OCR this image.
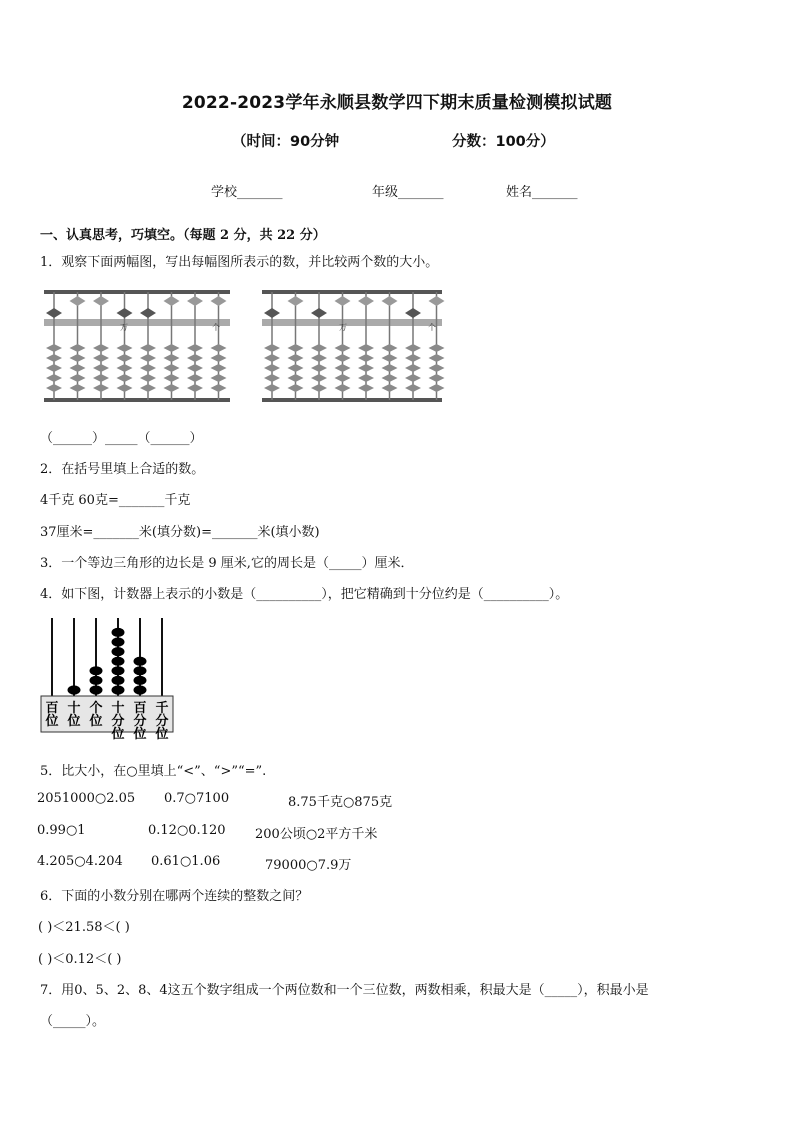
2022-2023学年永顺县数学四下期末质量检测模拟试题
（时间：90分钟	分数：100分）
学校_______	年级_______	姓名_______
一、认真思考，巧填空。（每题 2 分，共 22 分）
1．观察下面两幅图，写出每幅图所表示的数，并比较两个数的大小。
万	个	万	个
（______）_____（______）
2．在括号里填上合适的数。
4千克 60克=_______千克
37厘米=_______米(填分数)=_______米(填小数)
3．一个等边三角形的边长是 9 厘米,它的周长是（_____）厘米．
4．如下图，计数器上表示的小数是（__________），把它精确到十分位约是（__________）。
百
位
十
位
个
位
十
分
位
百
分
位
千
分
位
5．比大小，在○里填上“<”、“>”“=”.
2051000○2.05 0.7○7100	8.75千克○875克
0.99○1	0.12○0.120 200公顷○2平方千米
4.205○4.204 0.61○1.06	79000○7.9万
6．下面的小数分别在哪两个连续的整数之间？
( )＜21.58＜( )
( )＜0.12＜( )
7．用0、5、2、8、4这五个数字组成一个两位数和一个三位数，两数相乘，积最大是（_____），积最小是
（_____）。
